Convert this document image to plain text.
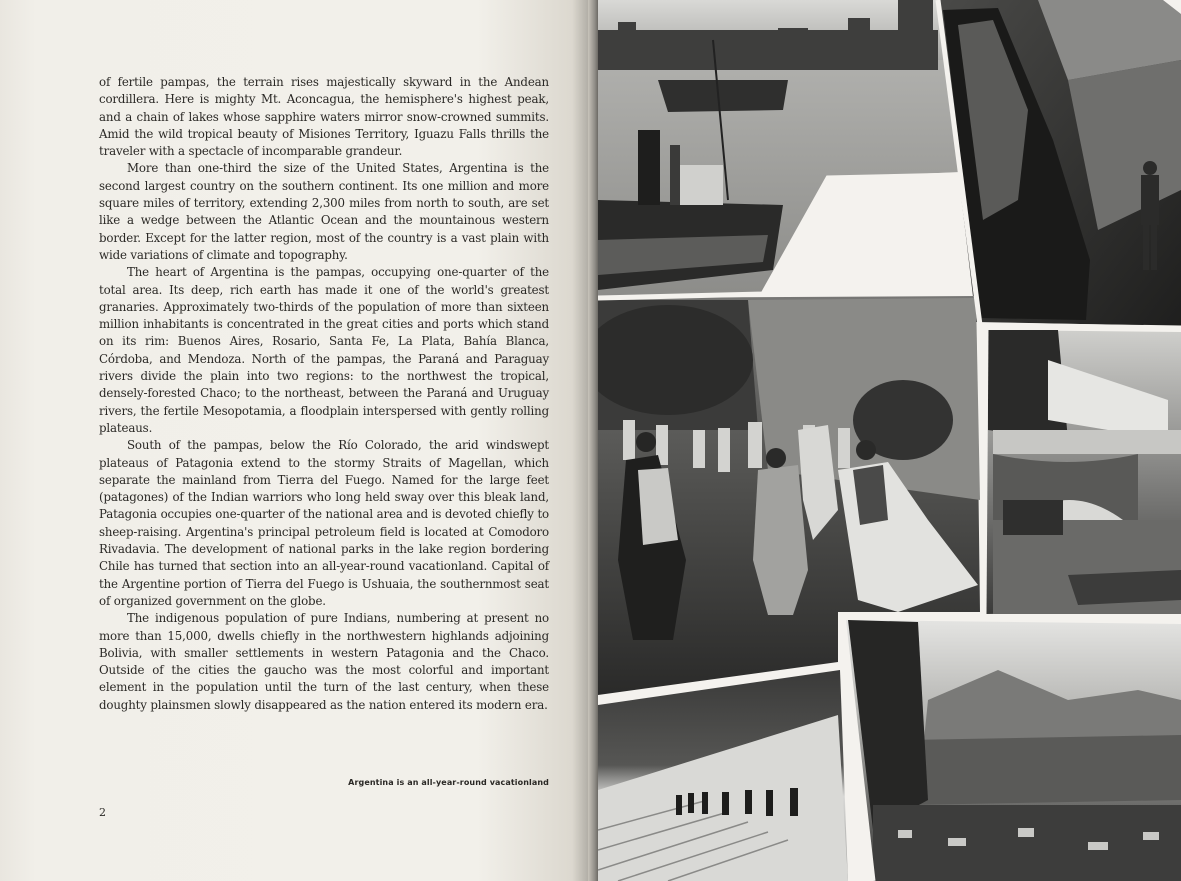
of fertile pampas, the terrain rises majestically skyward in the Andean cordillera. Here is mighty Mt. Aconcagua, the hemisphere's highest peak, and a chain of lakes whose sapphire waters mirror snow-crowned summits. Amid the wild tropical beauty of Misiones Territory, Iguazu Falls thrills the traveler with a spectacle of incomparable grandeur.

More than one-third the size of the United States, Argentina is the second largest country on the southern continent. Its one million and more square miles of territory, extending 2,300 miles from north to south, are set like a wedge between the Atlantic Ocean and the mountainous western border. Except for the latter region, most of the country is a vast plain with wide variations of climate and topography.

The heart of Argentina is the pampas, occupying one-quarter of the total area. Its deep, rich earth has made it one of the world's greatest granaries. Approximately two-thirds of the population of more than sixteen million inhabitants is concentrated in the great cities and ports which stand on its rim: Buenos Aires, Rosario, Santa Fe, La Plata, Bahía Blanca, Córdoba, and Mendoza. North of the pampas, the Paraná and Paraguay rivers divide the plain into two regions: to the northwest the tropical, densely-forested Chaco; to the northeast, between the Paraná and Uruguay rivers, the fertile Mesopotamia, a floodplain interspersed with gently rolling plateaus.

South of the pampas, below the Río Colorado, the arid windswept plateaus of Patagonia extend to the stormy Straits of Magellan, which separate the mainland from Tierra del Fuego. Named for the large feet (patagones) of the Indian warriors who long held sway over this bleak land, Patagonia occupies one-quarter of the national area and is devoted chiefly to sheep-raising. Argentina's principal petroleum field is located at Comodoro Rivadavia. The development of national parks in the lake region bordering Chile has turned that section into an all-year-round vacationland. Capital of the Argentine portion of Tierra del Fuego is Ushuaia, the southernmost seat of organized government on the globe.

The indigenous population of pure Indians, numbering at present no more than 15,000, dwells chiefly in the northwestern highlands adjoining Bolivia, with smaller settlements in western Patagonia and the Chaco. Outside of the cities the gaucho was the most colorful and important element in the population until the turn of the last century, when these doughty plainsmen slowly disappeared as the nation entered its modern era.

Argentina is an all-year-round vacationland
2
